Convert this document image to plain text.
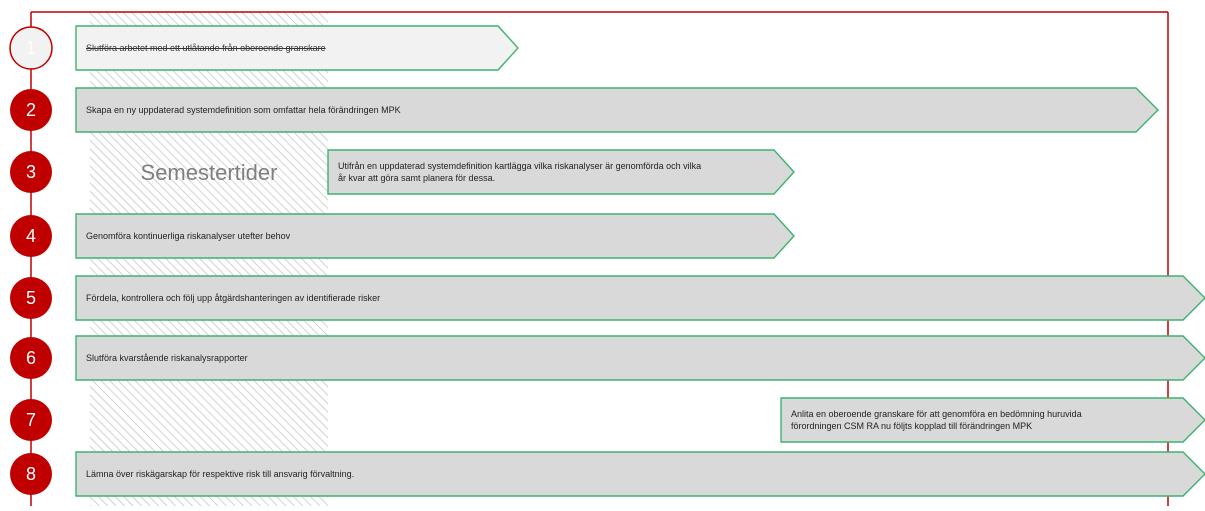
Semestertider
1
2
3
4
5
6
7
8
Slutföra arbetet med ett utlåtande från oberoende granskare
Skapa en ny uppdaterad systemdefinition som omfattar hela förändringen MPK
Utifrån en uppdaterad systemdefinition kartlägga vilka riskanalyser är genomförda och vilka
år kvar att göra samt planera för dessa.
Genomföra kontinuerliga riskanalyser utefter behov
Fördela, kontrollera och följ upp åtgärdshanteringen av identifierade risker
Slutföra kvarstående riskanalysrapporter
Anlita en oberoende granskare för att genomföra en bedömning huruvida
förordningen CSM RA nu följts kopplad till förändringen MPK
Lämna över riskägarskap för respektive risk till ansvarig förvaltning.
